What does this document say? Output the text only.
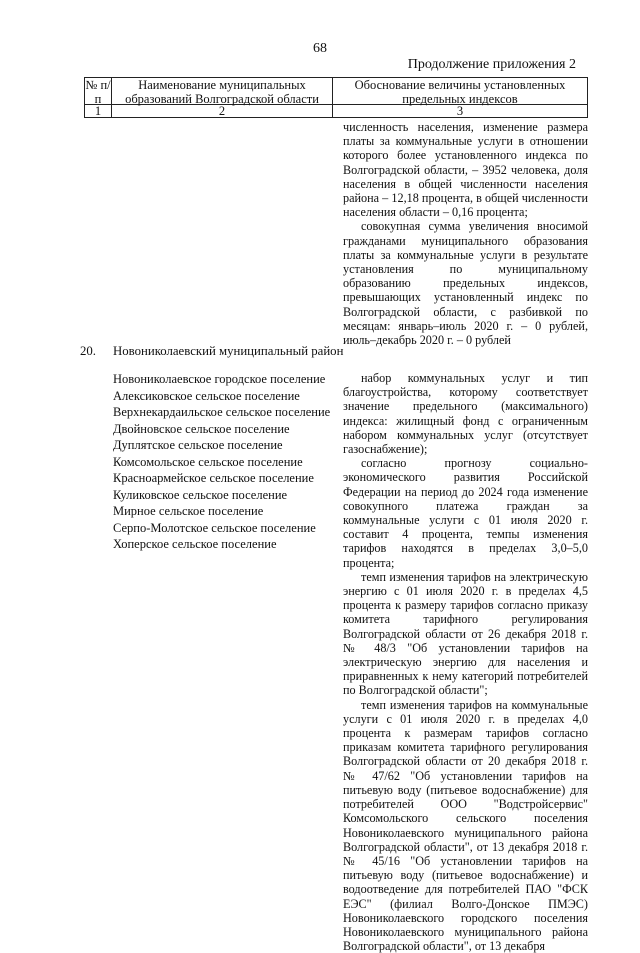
68
Продолжение приложения 2
№ п/п
Наименование муниципальных образований Волгоградской области
Обоснование величины установленных предельных индексов
1	2	3

численность населения, изменение размера платы за коммунальные услуги в отношении которого более установленного индекса по Волгоградской области, – 3952 человека, доля населения в общей численности населения района – 12,18 процента, в общей численности населения области – 0,16 процента;

совокупная сумма увеличения вносимой гражданами муниципального образования платы за коммунальные услуги в результате установления по муниципальному образованию предельных индексов, превышающих установленный индекс по Волгоградской области, с разбивкой по месяцам: январь–июль 2020 г. – 0 рублей, июль–декабрь 2020 г. – 0 рублей

20. Новониколаевский муниципальный район
Новониколаевское городское поселение
Алексиковское сельское поселение
Верхнекардаильское сельское поселение
Двойновское сельское поселение
Дуплятское сельское поселение
Комсомольское сельское поселение
Красноармейское сельское поселение
Куликовское сельское поселение
Мирное сельское поселение
Серпо-Молотское сельское поселение
Хоперское сельское поселение

набор коммунальных услуг и тип благоустройства, которому соответствует значение предельного (максимального) индекса: жилищный фонд с ограниченным набором коммунальных услуг (отсутствует газоснабжение);

согласно прогнозу социально-экономического развития Российской Федерации на период до 2024 года изменение совокупного платежа граждан за коммунальные услуги с 01 июля 2020 г. составит 4 процента, темпы изменения тарифов находятся в пределах 3,0–5,0 процента;

темп изменения тарифов на электрическую энергию с 01 июля 2020 г. в пределах 4,5 процента к размеру тарифов согласно приказу комитета тарифного регулирования Волгоградской области от 26 декабря 2018 г. № 48/3 "Об установлении тарифов на электрическую энергию для населения и приравненных к нему категорий потребителей по Волгоградской области";

темп изменения тарифов на коммунальные услуги с 01 июля 2020 г. в пределах 4,0 процента к размерам тарифов согласно приказам комитета тарифного регулирования Волгоградской области от 20 декабря 2018 г. № 47/62 "Об установлении тарифов на питьевую воду (питьевое водоснабжение) для потребителей ООО "Водстройсервис" Комсомольского сельского поселения Новониколаевского муниципального района Волгоградской области", от 13 декабря 2018 г. № 45/16 "Об установлении тарифов на питьевую воду (питьевое водоснабжение) и водоотведение для потребителей ПАО "ФСК ЕЭС" (филиал Волго-Донское ПМЭС) Новониколаевского городского поселения Новониколаевского муниципального района Волгоградской области", от 13 декабря
